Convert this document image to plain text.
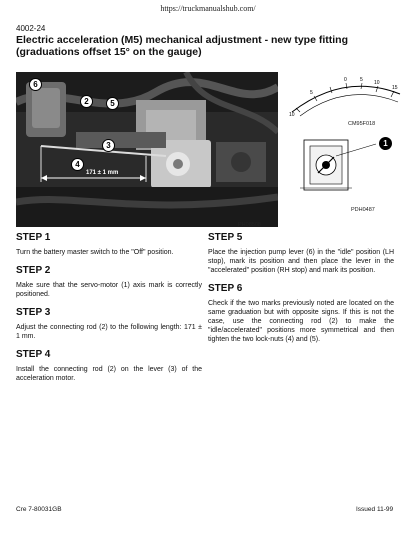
https://truckmanualshub.com/
4002-24
Electric acceleration (M5) mechanical adjustment - new type fitting (graduations offset 15° on the gauge)
6
2	5
3
4
171 ± 1 mm
PH08508
10
5
0	5 10
15
CM95F018
1
PDH0487
STEP 1

Turn the battery master switch to the "Off" position.

STEP 2

Make sure that the servo-motor (1) axis mark is correctly positioned.

STEP 3

Adjust the connecting rod (2) to the following length: 171 ± 1 mm.

STEP 4

Install the connecting rod (2) on the lever (3) of the acceleration motor.

STEP 5

Place the injection pump lever (6) in the "idle" position (LH stop), mark its position and then place the lever in the "accelerated" position (RH stop) and mark its position.

STEP 6

Check if the two marks previously noted are located on the same graduation but with opposite signs. If this is not the case, use the connecting rod (2) to make the "idle/accelerated" positions more symmetrical and then tighten the two lock-nuts (4) and (5).

Cre 7-80031GB	Issued 11-99
